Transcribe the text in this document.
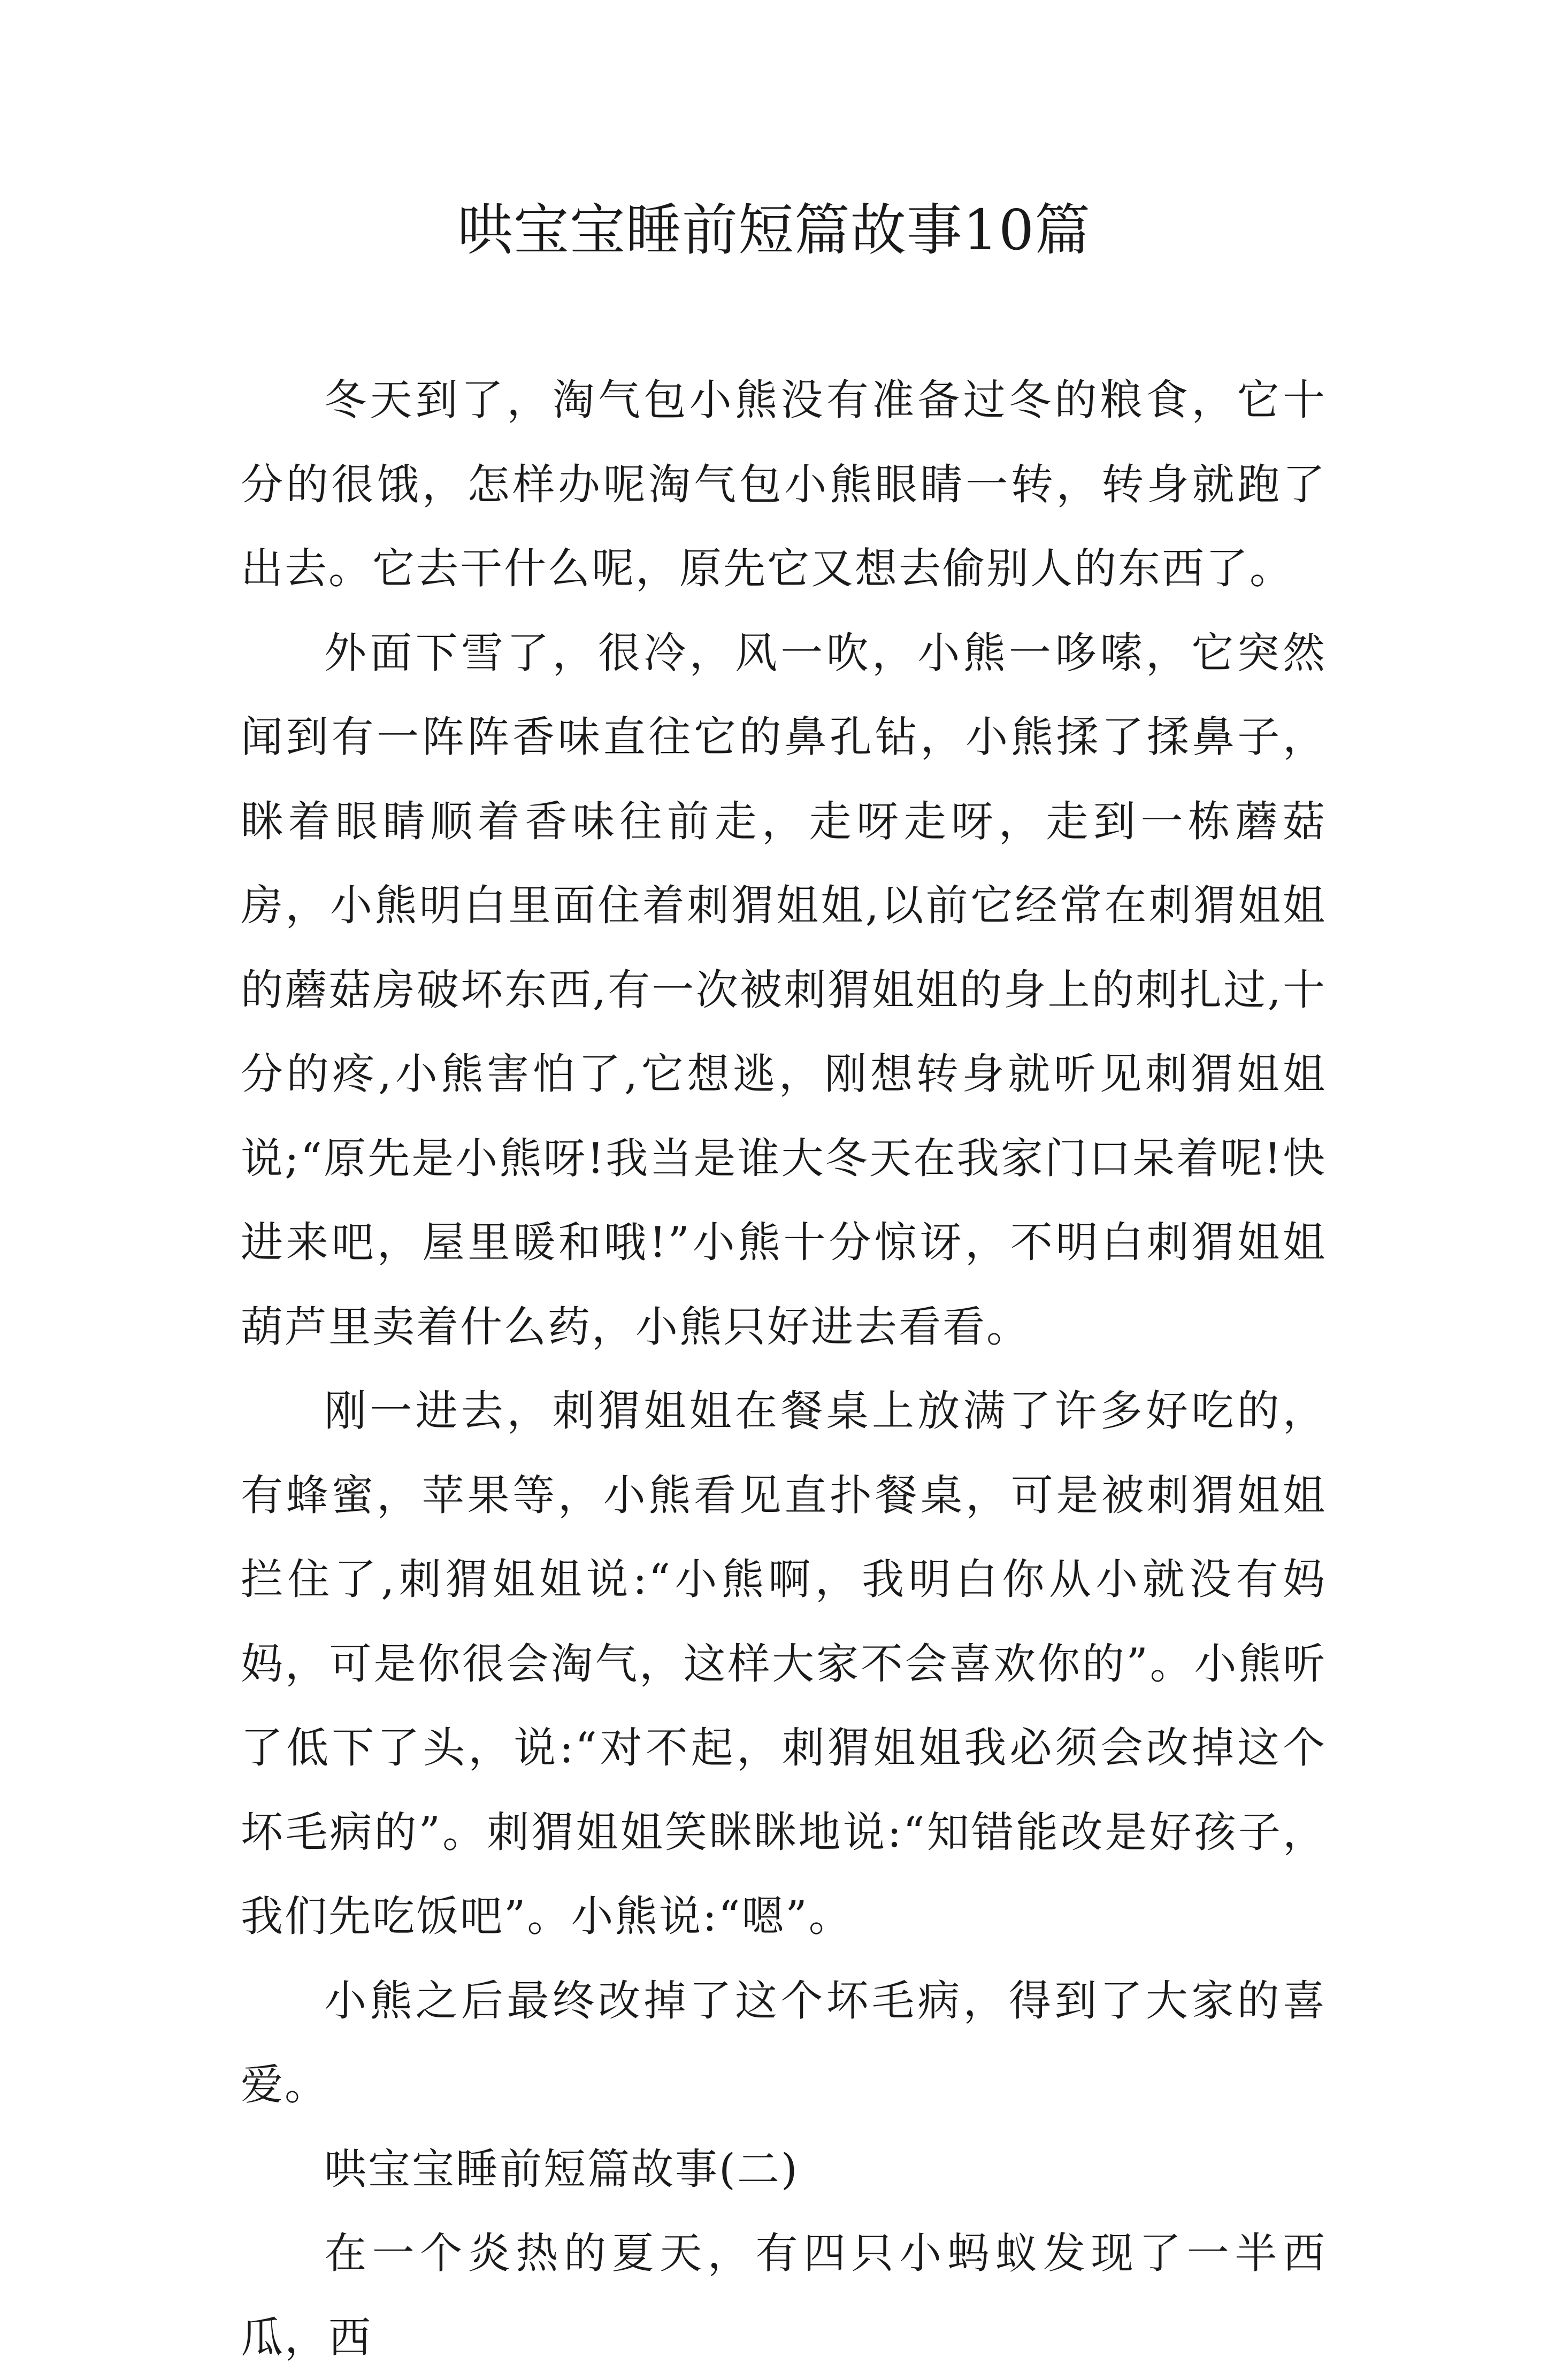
哄宝宝睡前短篇故事10篇

冬天到了，淘气包小熊没有准备过冬的粮食，它十分的很饿，怎样办呢淘气包小熊眼睛一转，转身就跑了出去。它去干什么呢，原先它又想去偷别人的东西了。

外面下雪了，很冷，风一吹，小熊一哆嗦，它突然闻到有一阵阵香味直往它的鼻孔钻，小熊揉了揉鼻子，眯着眼睛顺着香味往前走，走呀走呀，走到一栋蘑菇房，小熊明白里面住着刺猬姐姐,以前它经常在刺猬姐姐的蘑菇房破坏东西,有一次被刺猬姐姐的身上的刺扎过,十分的疼,小熊害怕了,它想逃，刚想转身就听见刺猬姐姐说;“原先是小熊呀!我当是谁大冬天在我家门口呆着呢!快进来吧，屋里暖和哦!”小熊十分惊讶，不明白刺猬姐姐葫芦里卖着什么药，小熊只好进去看看。

刚一进去，刺猬姐姐在餐桌上放满了许多好吃的，有蜂蜜，苹果等，小熊看见直扑餐桌，可是被刺猬姐姐拦住了,刺猬姐姐说:“小熊啊，我明白你从小就没有妈妈，可是你很会淘气，这样大家不会喜欢你的”。小熊听了低下了头，说:“对不起，刺猬姐姐我必须会改掉这个坏毛病的”。刺猬姐姐笑眯眯地说:“知错能改是好孩子，我们先吃饭吧”。小熊说:“嗯”。

小熊之后最终改掉了这个坏毛病，得到了大家的喜爱。

哄宝宝睡前短篇故事(二)

在一个炎热的夏天，有四只小蚂蚁发现了一半西瓜，西
